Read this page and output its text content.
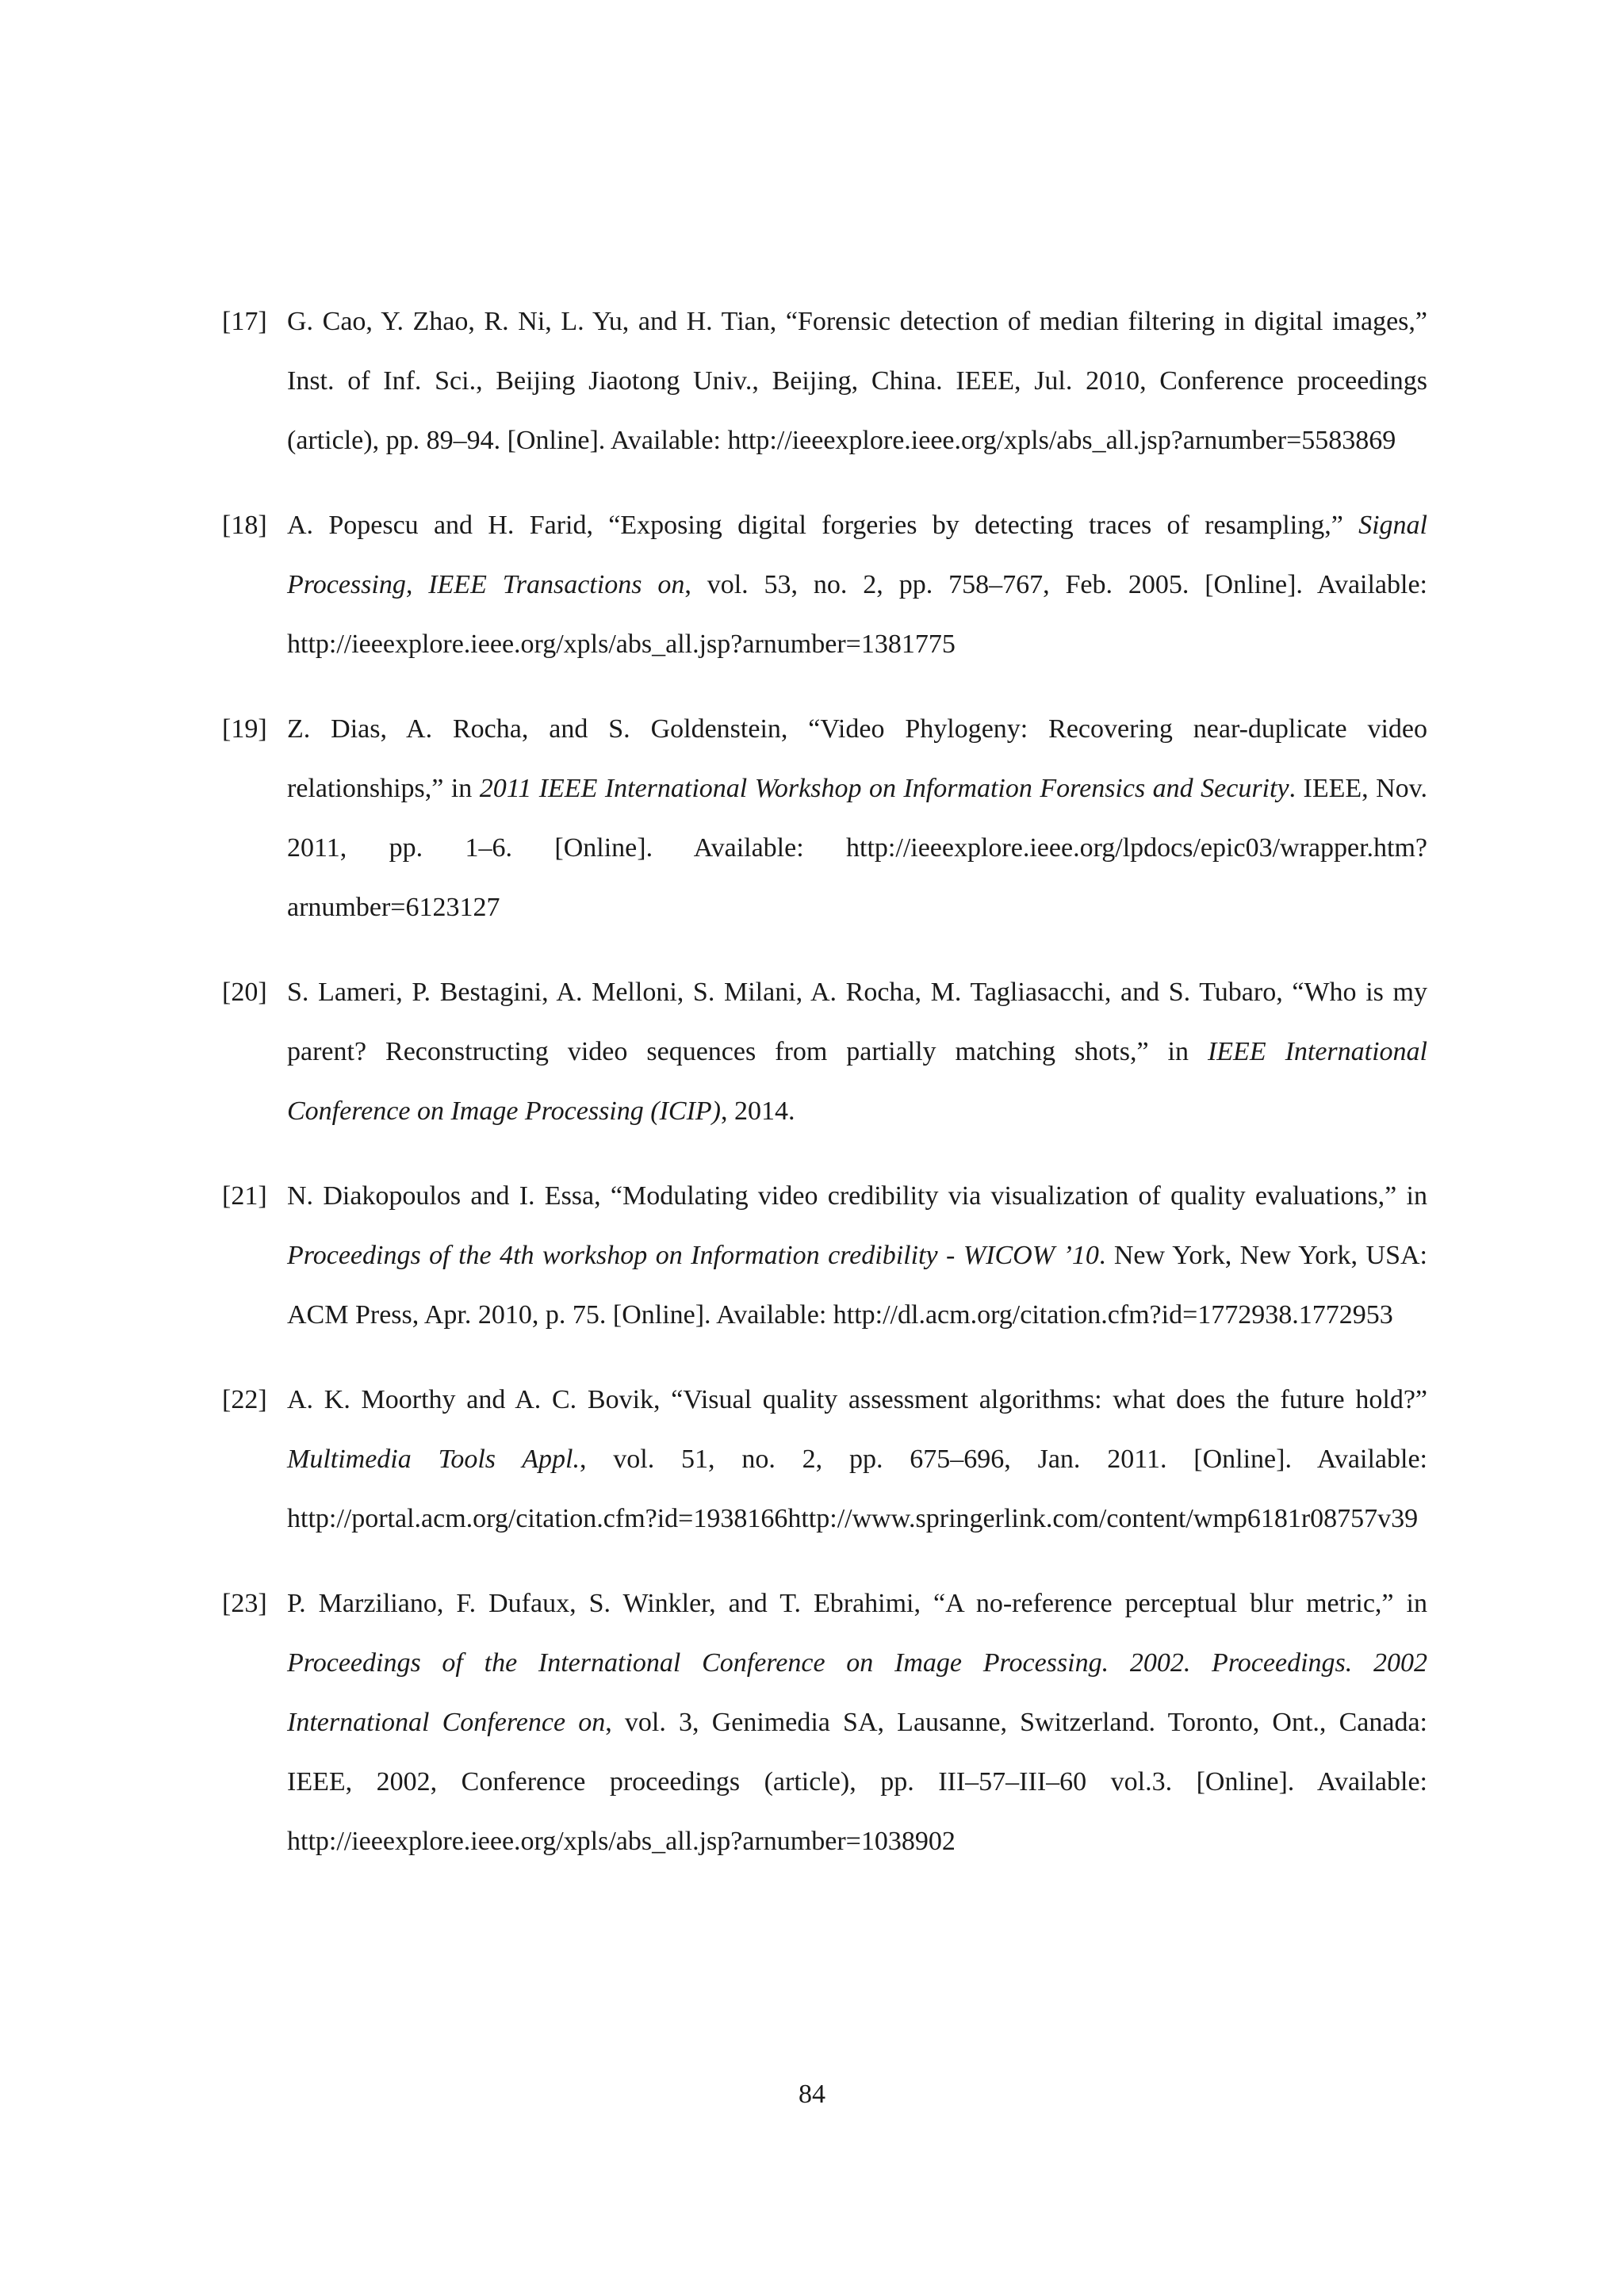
[17] G. Cao, Y. Zhao, R. Ni, L. Yu, and H. Tian, “Forensic detection of median filtering in digital images,” Inst. of Inf. Sci., Beijing Jiaotong Univ., Beijing, China. IEEE, Jul. 2010, Conference proceedings (article), pp. 89–94. [Online]. Available: http://ieeexplore.ieee.org/xpls/abs_all.jsp?arnumber=5583869
[18] A. Popescu and H. Farid, “Exposing digital forgeries by detecting traces of resampling,” Signal Processing, IEEE Transactions on, vol. 53, no. 2, pp. 758–767, Feb. 2005. [Online]. Available: http://ieeexplore.ieee.org/xpls/abs_all.jsp?arnumber=1381775
[19] Z. Dias, A. Rocha, and S. Goldenstein, “Video Phylogeny: Recovering near-duplicate video relationships,” in 2011 IEEE International Workshop on Information Forensics and Security. IEEE, Nov. 2011, pp. 1–6. [Online]. Available: http://ieeexplore.ieee.org/lpdocs/epic03/wrapper.htm?arnumber=6123127
[20] S. Lameri, P. Bestagini, A. Melloni, S. Milani, A. Rocha, M. Tagliasacchi, and S. Tubaro, “Who is my parent? Reconstructing video sequences from partially matching shots,” in IEEE International Conference on Image Processing (ICIP), 2014.
[21] N. Diakopoulos and I. Essa, “Modulating video credibility via visualization of quality evaluations,” in Proceedings of the 4th workshop on Information credibility - WICOW ’10. New York, New York, USA: ACM Press, Apr. 2010, p. 75. [Online]. Available: http://dl.acm.org/citation.cfm?id=1772938.1772953
[22] A. K. Moorthy and A. C. Bovik, “Visual quality assessment algorithms: what does the future hold?” Multimedia Tools Appl., vol. 51, no. 2, pp. 675–696, Jan. 2011. [Online]. Available: http://portal.acm.org/citation.cfm?id=1938166http://www.springerlink.com/content/wmp6181r08757v39
[23] P. Marziliano, F. Dufaux, S. Winkler, and T. Ebrahimi, “A no-reference perceptual blur metric,” in Proceedings of the International Conference on Image Processing. 2002. Proceedings. 2002 International Conference on, vol. 3, Genimedia SA, Lausanne, Switzerland. Toronto, Ont., Canada: IEEE, 2002, Conference proceedings (article), pp. III–57–III–60 vol.3. [Online]. Available: http://ieeexplore.ieee.org/xpls/abs_all.jsp?arnumber=1038902
84
